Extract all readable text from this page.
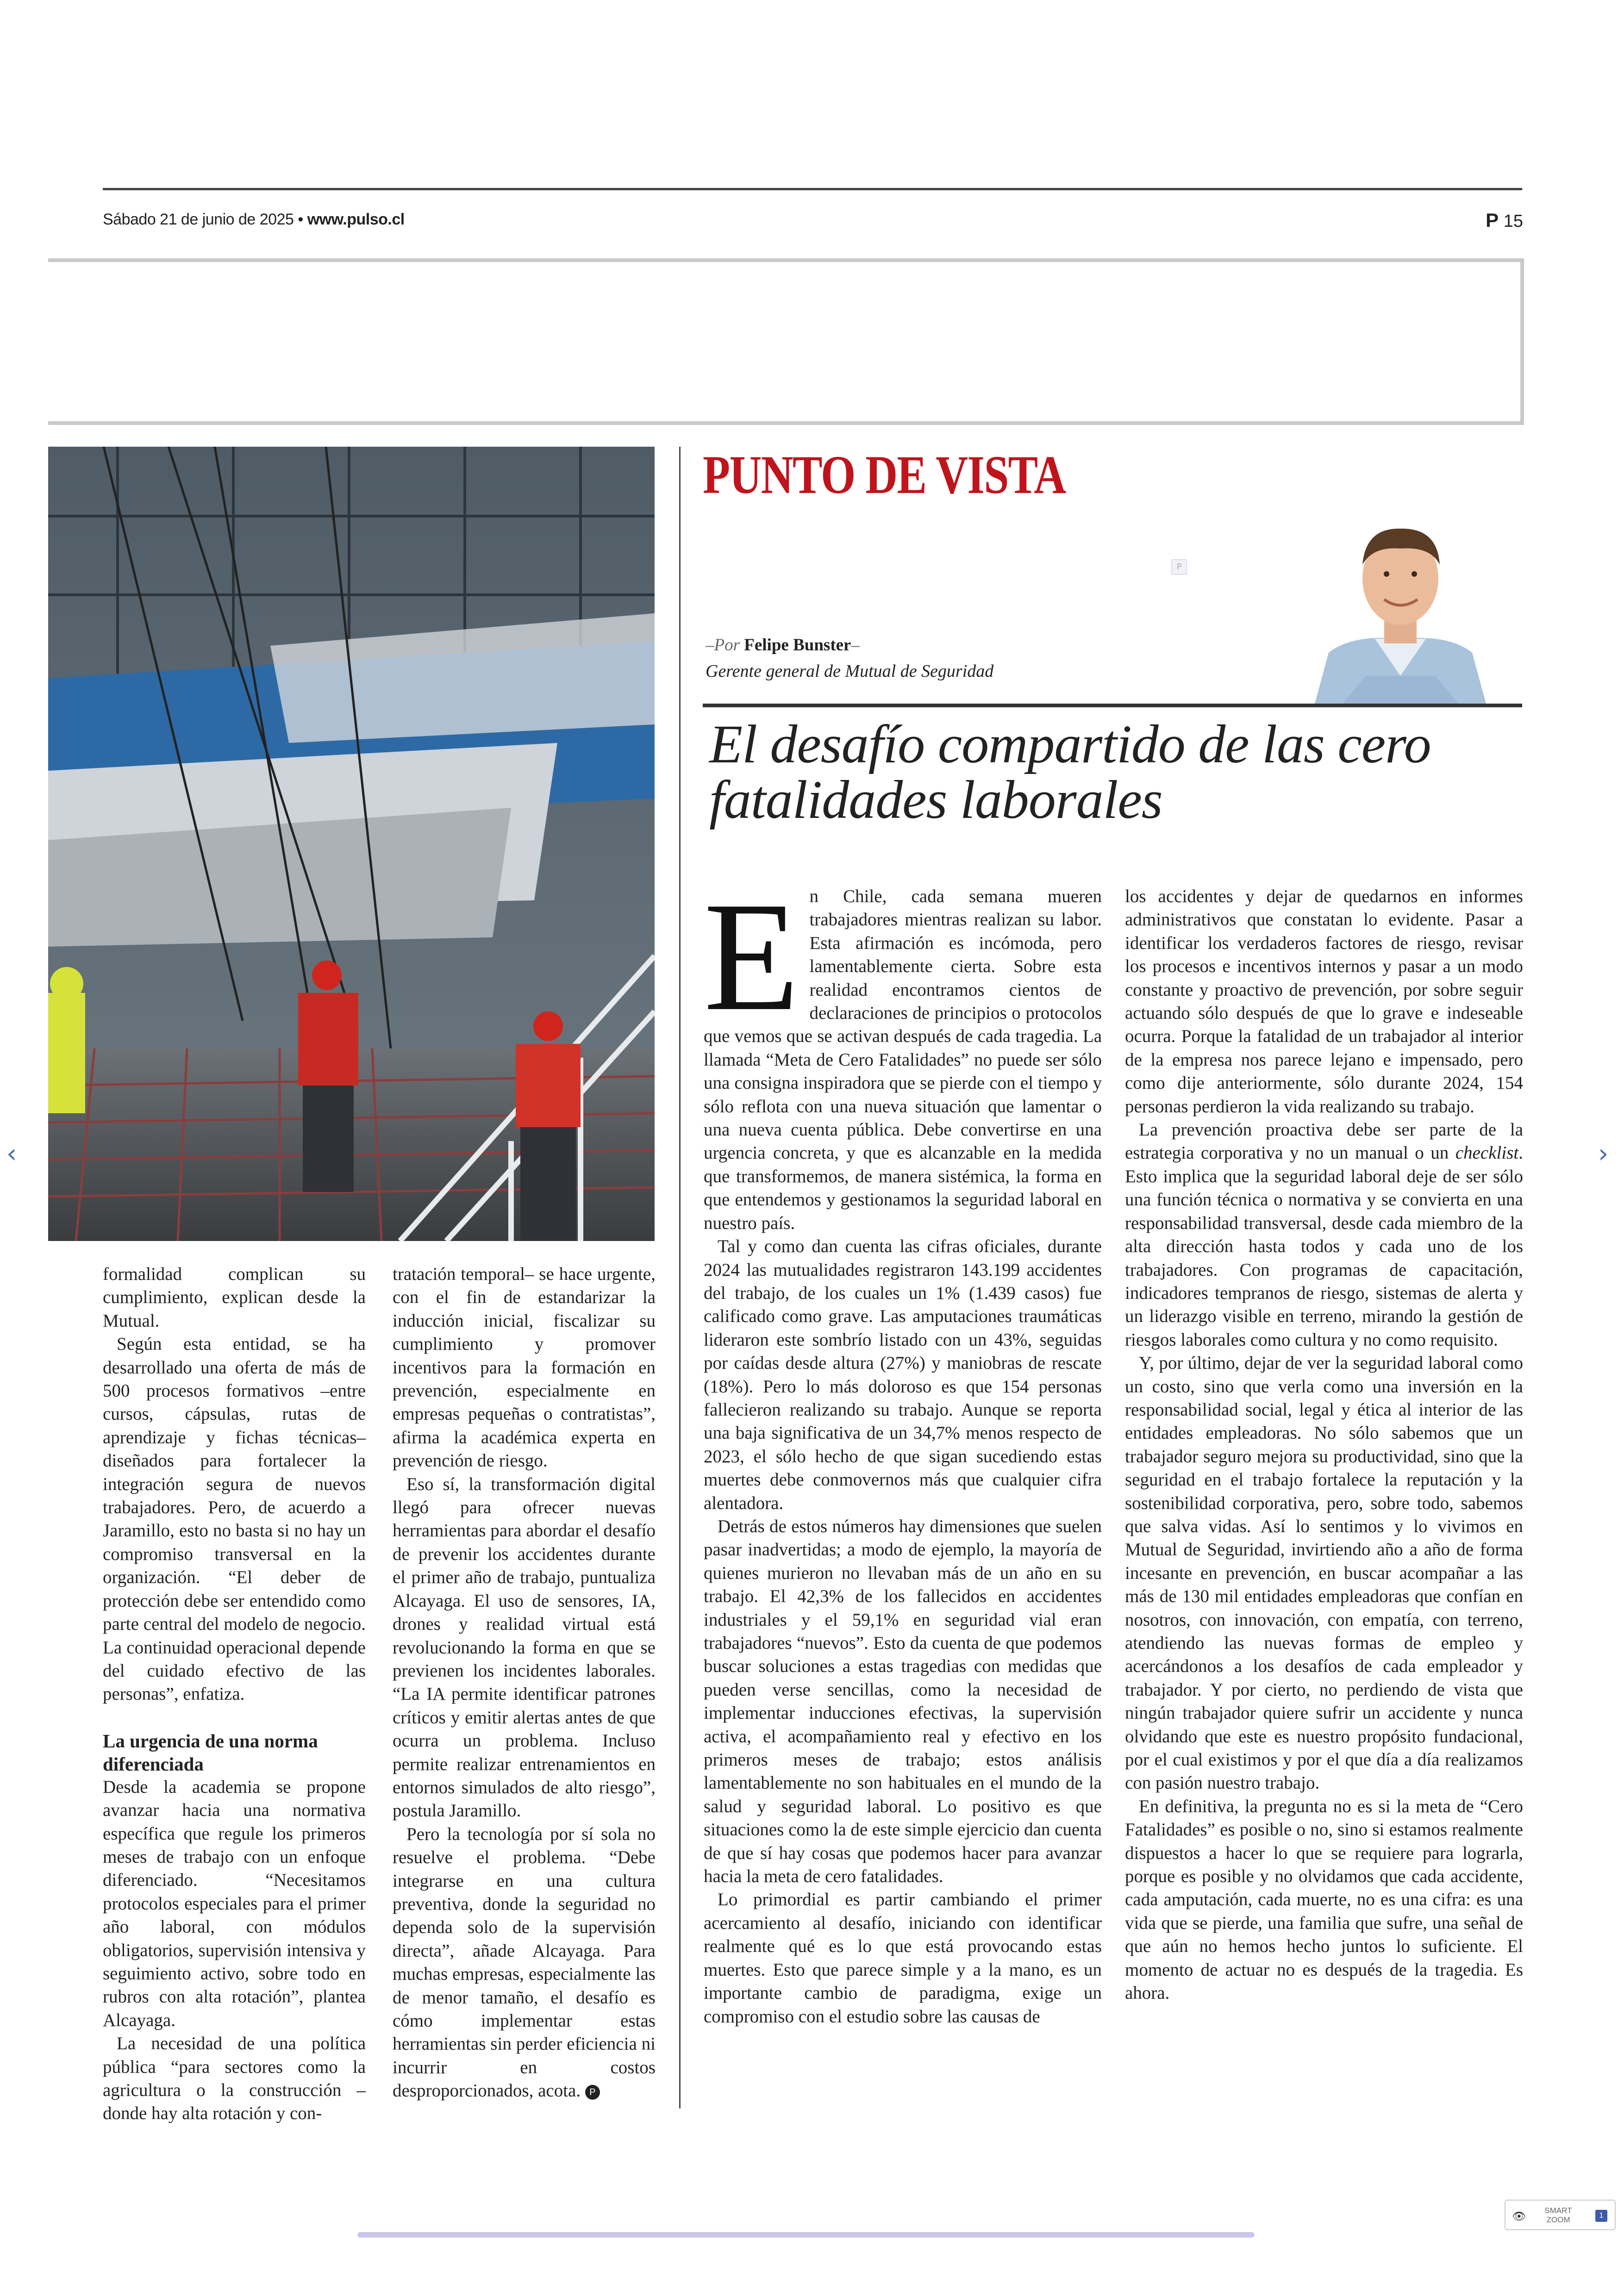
Sábado 21 de junio de 2025 • www.pulso.cl	P 15

formalidad complican su cumplimiento, explican desde la Mutual.

Según esta entidad, se ha desarrollado una oferta de más de 500 procesos formativos –entre cursos, cápsulas, rutas de aprendizaje y fichas técnicas– diseñados para fortalecer la integración segura de nuevos trabajadores. Pero, de acuerdo a Jaramillo, esto no basta si no hay un compromiso transversal en la organización. “El deber de protección debe ser entendido como parte central del modelo de negocio. La continuidad operacional depende del cuidado efectivo de las personas”, enfatiza.

La urgencia de una norma diferenciada

Desde la academia se propone avanzar hacia una normativa específica que regule los primeros meses de trabajo con un enfoque diferenciado. “Necesitamos protocolos especiales para el primer año laboral, con módulos obligatorios, supervisión intensiva y seguimiento activo, sobre todo en rubros con alta rotación”, plantea Alcayaga.

La necesidad de una política pública “para sectores como la agricultura o la construcción –donde hay alta rotación y con-

tratación temporal– se hace urgente, con el fin de estandarizar la inducción inicial, fiscalizar su cumplimiento y promover incentivos para la formación en prevención, especialmente en empresas pequeñas o contratistas”, afirma la académica experta en prevención de riesgo.

Eso sí, la transformación digital llegó para ofrecer nuevas herramientas para abordar el desafío de prevenir los accidentes durante el primer año de trabajo, puntualiza Alcayaga. El uso de sensores, IA, drones y realidad virtual está revolucionando la forma en que se previenen los incidentes laborales. “La IA permite identificar patrones críticos y emitir alertas antes de que ocurra un problema. Incluso permite realizar entrenamientos en entornos simulados de alto riesgo”, postula Jaramillo.

Pero la tecnología por sí sola no resuelve el problema. “Debe integrarse en una cultura preventiva, donde la seguridad no dependa solo de la supervisión directa”, añade Alcayaga. Para muchas empresas, especialmente las de menor tamaño, el desafío es cómo implementar estas herramientas sin perder eficiencia ni incurrir en costos desproporcionados, acota. P

PUNTO DE VISTA
P
–Por Felipe Bunster–
Gerente general de Mutual de Seguridad
El desafío compartido de las cero
fatalidades laborales

En Chile, cada semana mueren trabajadores mientras realizan su labor. Esta afirmación es incómoda, pero lamentablemente cierta. Sobre esta realidad encontramos cientos de declaraciones de principios o protocolos que vemos que se activan después de cada tragedia. La llamada “Meta de Cero Fatalidades” no puede ser sólo una consigna inspiradora que se pierde con el tiempo y sólo reflota con una nueva situación que lamentar o una nueva cuenta pública. Debe convertirse en una urgencia concreta, y que es alcanzable en la medida que transformemos, de manera sistémica, la forma en que entendemos y gestionamos la seguridad laboral en nuestro país.

Tal y como dan cuenta las cifras oficiales, durante 2024 las mutualidades registraron 143.199 accidentes del trabajo, de los cuales un 1% (1.439 casos) fue calificado como grave. Las amputaciones traumáticas lideraron este sombrío listado con un 43%, seguidas por caídas desde altura (27%) y maniobras de rescate (18%). Pero lo más doloroso es que 154 personas fallecieron realizando su trabajo. Aunque se reporta una baja significativa de un 34,7% menos respecto de 2023, el sólo hecho de que sigan sucediendo estas muertes debe conmovernos más que cualquier cifra alentadora.

Detrás de estos números hay dimensiones que suelen pasar inadvertidas; a modo de ejemplo, la mayoría de quienes murieron no llevaban más de un año en su trabajo. El 42,3% de los fallecidos en accidentes industriales y el 59,1% en seguridad vial eran trabajadores “nuevos”. Esto da cuenta de que podemos buscar soluciones a estas tragedias con medidas que pueden verse sencillas, como la necesidad de implementar inducciones efectivas, la supervisión activa, el acompañamiento real y efectivo en los primeros meses de trabajo; estos análisis lamentablemente no son habituales en el mundo de la salud y seguridad laboral. Lo positivo es que situaciones como la de este simple ejercicio dan cuenta de que sí hay cosas que podemos hacer para avanzar hacia la meta de cero fatalidades.

Lo primordial es partir cambiando el primer acercamiento al desafío, iniciando con identificar realmente qué es lo que está provocando estas muertes. Esto que parece simple y a la mano, es un importante cambio de paradigma, exige un compromiso con el estudio sobre las causas de

los accidentes y dejar de quedarnos en informes administrativos que constatan lo evidente. Pasar a identificar los verdaderos factores de riesgo, revisar los procesos e incentivos internos y pasar a un modo constante y proactivo de prevención, por sobre seguir actuando sólo después de que lo grave e indeseable ocurra. Porque la fatalidad de un trabajador al interior de la empresa nos parece lejano e impensado, pero como dije anteriormente, sólo durante 2024, 154 personas perdieron la vida realizando su trabajo.

La prevención proactiva debe ser parte de la estrategia corporativa y no un manual o un checklist. Esto implica que la seguridad laboral deje de ser sólo una función técnica o normativa y se convierta en una responsabilidad transversal, desde cada miembro de la alta dirección hasta todos y cada uno de los trabajadores. Con programas de capacitación, indicadores tempranos de riesgo, sistemas de alerta y un liderazgo visible en terreno, mirando la gestión de riesgos laborales como cultura y no como requisito.

Y, por último, dejar de ver la seguridad laboral como un costo, sino que verla como una inversión en la responsabilidad social, legal y ética al interior de las entidades empleadoras. No sólo sabemos que un trabajador seguro mejora su productividad, sino que la seguridad en el trabajo fortalece la reputación y la sostenibilidad corporativa, pero, sobre todo, sabemos que salva vidas. Así lo sentimos y lo vivimos en Mutual de Seguridad, invirtiendo año a año de forma incesante en prevención, en buscar acompañar a las más de 130 mil entidades empleadoras que confían en nosotros, con innovación, con empatía, con terreno, atendiendo las nuevas formas de empleo y acercándonos a los desafíos de cada empleador y trabajador. Y por cierto, no perdiendo de vista que ningún trabajador quiere sufrir un accidente y nunca olvidando que este es nuestro propósito fundacional, por el cual existimos y por el que día a día realizamos con pasión nuestro trabajo.

En definitiva, la pregunta no es si la meta de “Cero Fatalidades” es posible o no, sino si estamos realmente dispuestos a hacer lo que se requiere para lograrla, porque es posible y no olvidamos que cada accidente, cada amputación, cada muerte, no es una cifra: es una vida que se pierde, una familia que sufre, una señal de que aún no hemos hecho juntos lo suficiente. El momento de actuar no es después de la tragedia. Es ahora.

‹	›
👁	SMART
ZOOM	1
